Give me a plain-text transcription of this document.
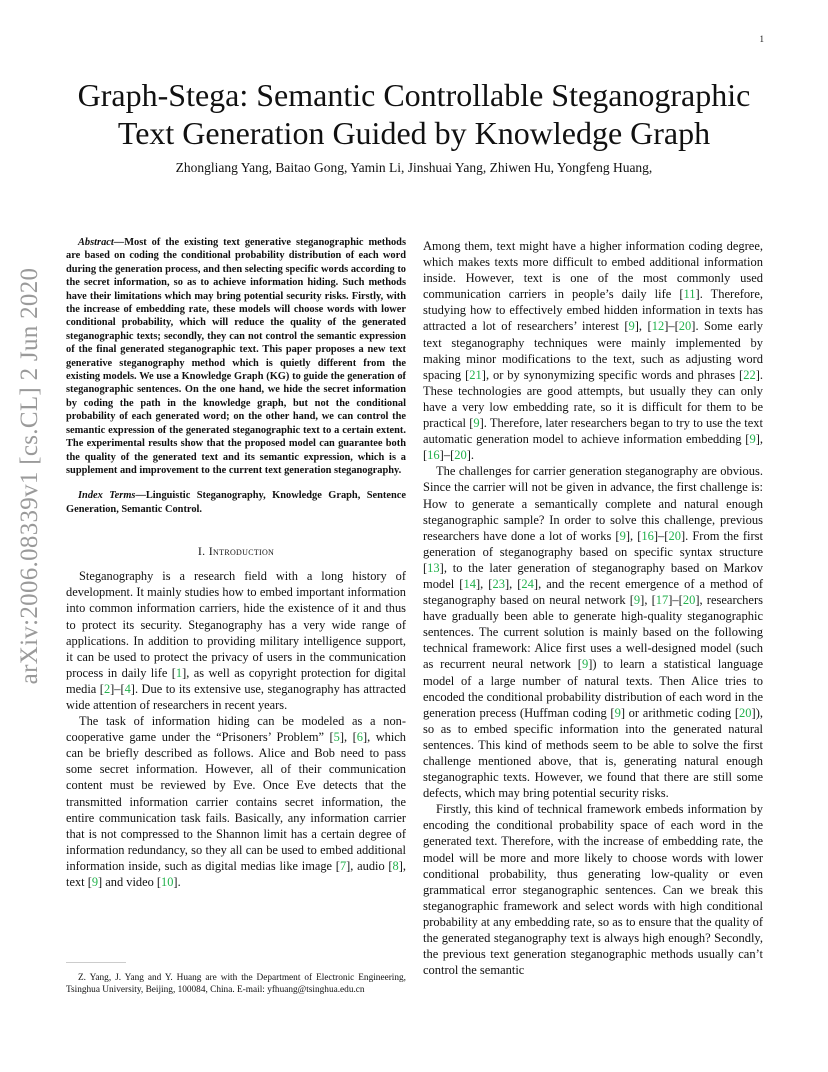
1
arXiv:2006.08339v1 [cs.CL] 2 Jun 2020
Graph-Stega: Semantic Controllable Steganographic
Text Generation Guided by Knowledge Graph
Zhongliang Yang, Baitao Gong, Yamin Li, Jinshuai Yang, Zhiwen Hu, Yongfeng Huang,

Abstract—Most of the existing text generative steganographic methods are based on coding the conditional probability distribution of each word during the generation process, and then selecting specific words according to the secret information, so as to achieve information hiding. Such methods have their limitations which may bring potential security risks. Firstly, with the increase of embedding rate, these models will choose words with lower conditional probability, which will reduce the quality of the generated steganographic texts; secondly, they can not control the semantic expression of the final generated steganographic text. This paper proposes a new text generative steganography method which is quietly different from the existing models. We use a Knowledge Graph (KG) to guide the generation of steganographic sentences. On the one hand, we hide the secret information by coding the path in the knowledge graph, but not the conditional probability of each generated word; on the other hand, we can control the semantic expression of the generated steganographic text to a certain extent. The experimental results show that the proposed model can guarantee both the quality of the generated text and its semantic expression, which is a supplement and improvement to the current text generation steganography.

Index Terms—Linguistic Steganography, Knowledge Graph, Sentence Generation, Semantic Control.

I. Introduction

Steganography is a research field with a long history of development. It mainly studies how to embed important information into common information carriers, hide the existence of it and thus to protect its security. Steganography has a very wide range of applications. In addition to providing military intelligence support, it can be used to protect the privacy of users in the communication process in daily life [1], as well as copyright protection for digital media [2]–[4]. Due to its extensive use, steganography has attracted wide attention of researchers in recent years.

The task of information hiding can be modeled as a non-cooperative game under the “Prisoners’ Problem” [5], [6], which can be briefly described as follows. Alice and Bob need to pass some secret information. However, all of their communication content must be reviewed by Eve. Once Eve detects that the transmitted information carrier contains secret information, the entire communication task fails. Basically, any information carrier that is not compressed to the Shannon limit has a certain degree of information redundancy, so they all can be used to embed additional information inside, such as digital medias like image [7], audio [8], text [9] and video [10].

Among them, text might have a higher information coding degree, which makes texts more difficult to embed additional information inside. However, text is one of the most commonly used communication carriers in people’s daily life [11]. Therefore, studying how to effectively embed hidden information in texts has attracted a lot of researchers’ interest [9], [12]–[20]. Some early text steganography techniques were mainly implemented by making minor modifications to the text, such as adjusting word spacing [21], or by synonymizing specific words and phrases [22]. These technologies are good attempts, but usually they can only have a very low embedding rate, so it is difficult for them to be practical [9]. Therefore, later researchers began to try to use the text automatic generation model to achieve information embedding [9], [16]–[20].

The challenges for carrier generation steganography are obvious. Since the carrier will not be given in advance, the first challenge is: How to generate a semantically complete and natural enough steganographic sample? In order to solve this challenge, previous researchers have done a lot of works [9], [16]–[20]. From the first generation of steganography based on specific syntax structure [13], to the later generation of steganography based on Markov model [14], [23], [24], and the recent emergence of a method of steganography based on neural network [9], [17]–[20], researchers have gradually been able to generate high-quality steganographic sentences. The current solution is mainly based on the following technical framework: Alice first uses a well-designed model (such as recurrent neural network [9]) to learn a statistical language model of a large number of natural texts. Then Alice tries to encoded the conditional probability distribution of each word in the generation precess (Huffman coding [9] or arithmetic coding [20]), so as to embed specific information into the generated natural sentences. This kind of methods seem to be able to solve the first challenge mentioned above, that is, generating natural enough steganographic texts. However, we found that there are still some defects, which may bring potential security risks.

Firstly, this kind of technical framework embeds information by encoding the conditional probability space of each word in the generated text. Therefore, with the increase of embedding rate, the model will be more and more likely to choose words with lower conditional probability, thus generating low-quality or even grammatical error steganographic sentences. Can we break this steganographic framework and select words with high conditional probability at any embedding rate, so as to ensure that the quality of the generated steganography text is always high enough? Secondly, the previous text generation steganographic methods usually can’t control the semantic

Z. Yang, J. Yang and Y. Huang are with the Department of Electronic Engineering, Tsinghua University, Beijing, 100084, China. E-mail: yfhuang@tsinghua.edu.cn
